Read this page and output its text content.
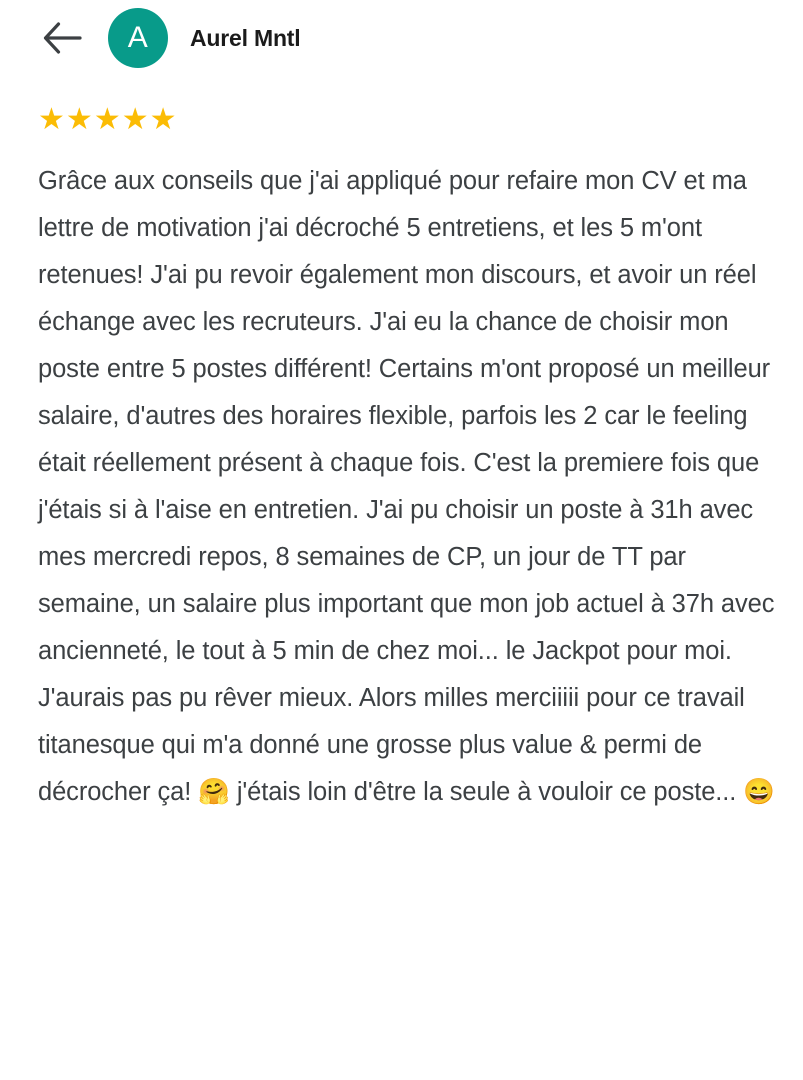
A Aurel Mntl
★ ★ ★ ★ ★
Grâce aux conseils que j'ai appliqué pour refaire mon CV et ma lettre de motivation j'ai décroché 5 entretiens, et les 5 m'ont retenues! J'ai pu revoir également mon discours, et avoir un réel échange avec les recruteurs. J'ai eu la chance de choisir mon poste entre 5 postes différent! Certains m'ont proposé un meilleur salaire, d'autres des horaires flexible, parfois les 2 car le feeling était réellement présent à chaque fois. C'est la premiere fois que j'étais si à l'aise en entretien. J'ai pu choisir un poste à 31h avec mes mercredi repos, 8 semaines de CP, un jour de TT par semaine, un salaire plus important que mon job actuel à 37h avec ancienneté, le tout à 5 min de chez moi... le Jackpot pour moi. J'aurais pas pu rêver mieux. Alors milles merciiiii pour ce travail titanesque qui m'a donné une grosse plus value & permi de décrocher ça! 🤗 j'étais loin d'être la seule à vouloir ce poste... 😄
